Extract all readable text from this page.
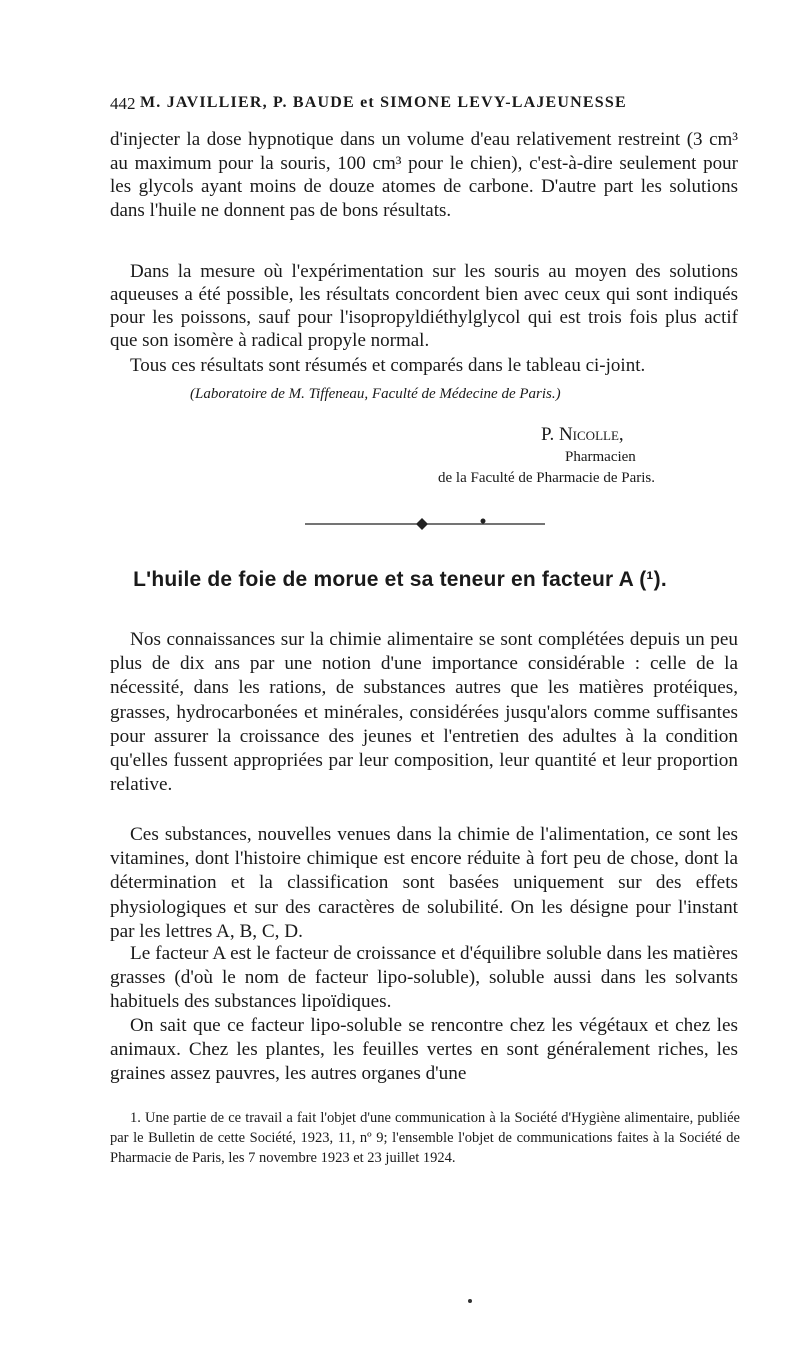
442 M. JAVILLIER, P. BAUDE et SIMONE LEVY-LAJEUNESSE

d'injecter la dose hypnotique dans un volume d'eau relativement restreint (3 cm³ au maximum pour la souris, 100 cm³ pour le chien), c'est-à-dire seulement pour les glycols ayant moins de douze atomes de carbone. D'autre part les solutions dans l'huile ne donnent pas de bons résultats.

Dans la mesure où l'expérimentation sur les souris au moyen des solutions aqueuses a été possible, les résultats concordent bien avec ceux qui sont indiqués pour les poissons, sauf pour l'isopropyldiéthylglycol qui est trois fois plus actif que son isomère à radical propyle normal.

Tous ces résultats sont résumés et comparés dans le tableau ci-joint.

(Laboratoire de M. Tiffeneau, Faculté de Médecine de Paris.)
P. Nicolle,
Pharmacien
de la Faculté de Pharmacie de Paris.
L'huile de foie de morue et sa teneur en facteur A (¹).

Nos connaissances sur la chimie alimentaire se sont complétées depuis un peu plus de dix ans par une notion d'une importance considérable : celle de la nécessité, dans les rations, de substances autres que les matières protéiques, grasses, hydrocarbonées et minérales, considérées jusqu'alors comme suffisantes pour assurer la croissance des jeunes et l'entretien des adultes à la condition qu'elles fussent appropriées par leur composition, leur quantité et leur proportion relative.

Ces substances, nouvelles venues dans la chimie de l'alimentation, ce sont les vitamines, dont l'histoire chimique est encore réduite à fort peu de chose, dont la détermination et la classification sont basées uniquement sur des effets physiologiques et sur des caractères de solubilité. On les désigne pour l'instant par les lettres A, B, C, D.

Le facteur A est le facteur de croissance et d'équilibre soluble dans les matières grasses (d'où le nom de facteur lipo-soluble), soluble aussi dans les solvants habituels des substances lipoïdiques.

On sait que ce facteur lipo-soluble se rencontre chez les végétaux et chez les animaux. Chez les plantes, les feuilles vertes en sont généralement riches, les graines assez pauvres, les autres organes d'une

1. Une partie de ce travail a fait l'objet d'une communication à la Société d'Hygiène alimentaire, publiée par le Bulletin de cette Société, 1923, 11, nº 9; l'ensemble l'objet de communications faites à la Société de Pharmacie de Paris, les 7 novembre 1923 et 23 juillet 1924.
